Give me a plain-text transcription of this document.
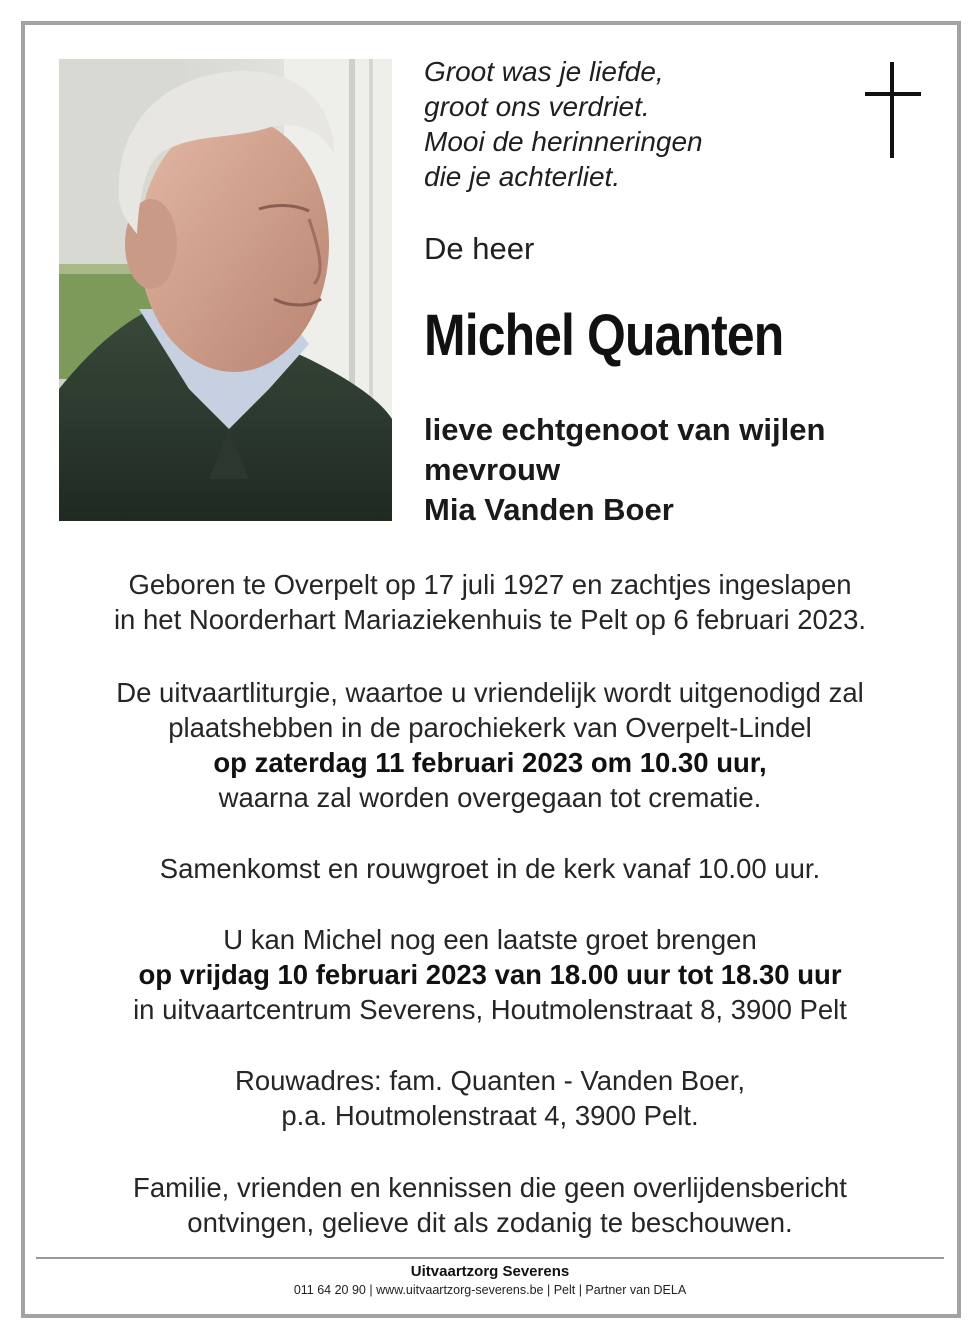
Groot was je liefde,
groot ons verdriet.
Mooi de herinneringen
die je achterliet.
De heer
Michel Quanten
lieve echtgenoot van wijlen
mevrouw
Mia Vanden Boer
Geboren te Overpelt op 17 juli 1927 en zachtjes ingeslapen
in het Noorderhart Mariaziekenhuis te Pelt op 6 februari 2023.
De uitvaartliturgie, waartoe u vriendelijk wordt uitgenodigd zal
plaatshebben in de parochiekerk van Overpelt-Lindel
op zaterdag 11 februari 2023 om 10.30 uur,
waarna zal worden overgegaan tot crematie.
Samenkomst en rouwgroet in de kerk vanaf 10.00 uur.
U kan Michel nog een laatste groet brengen
op vrijdag 10 februari 2023 van 18.00 uur tot 18.30 uur
in uitvaartcentrum Severens, Houtmolenstraat 8, 3900 Pelt
Rouwadres: fam. Quanten - Vanden Boer,
p.a. Houtmolenstraat 4, 3900 Pelt.
Familie, vrienden en kennissen die geen overlijdensbericht
ontvingen, gelieve dit als zodanig te beschouwen.
Uitvaartzorg Severens
011 64 20 90 | www.uitvaartzorg-severens.be | Pelt | Partner van DELA
